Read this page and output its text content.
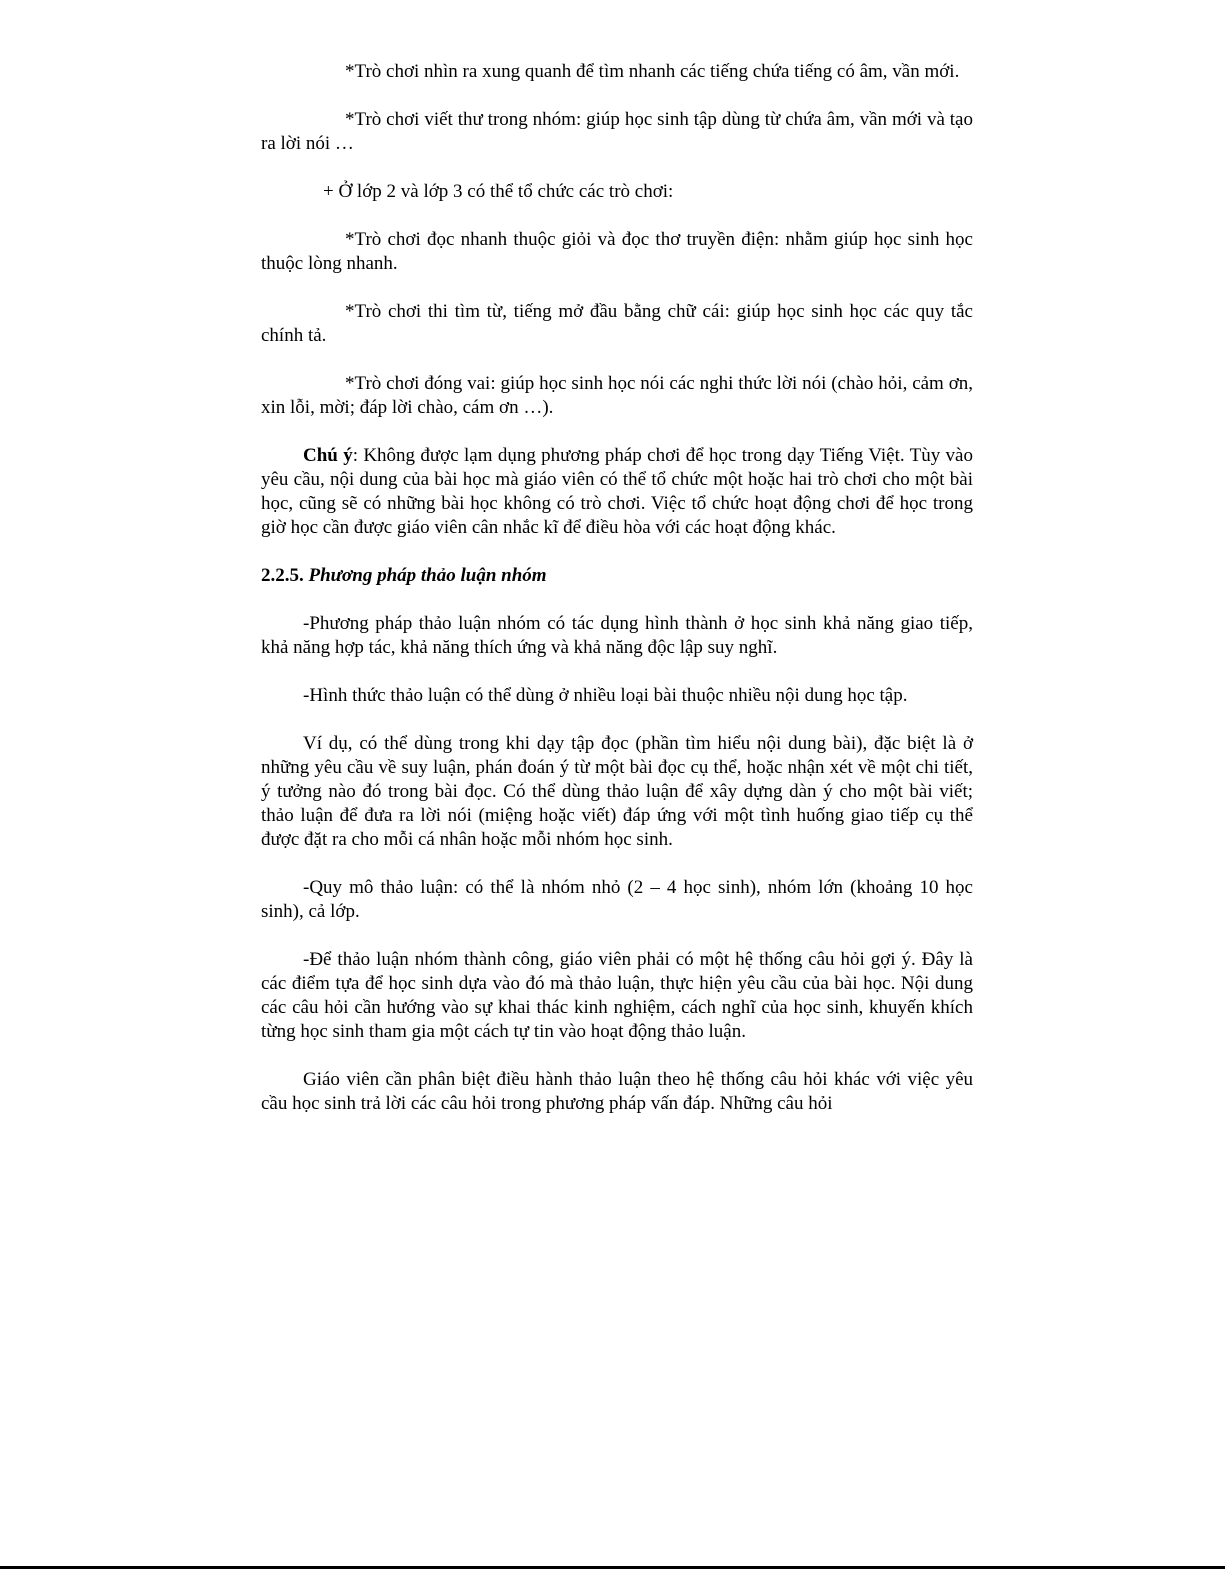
*Trò chơi nhìn ra xung quanh để tìm nhanh các tiếng chứa tiếng có âm, vần mới.

*Trò chơi viết thư trong nhóm: giúp học sinh tập dùng từ chứa âm, vần mới và tạo ra lời nói …

+ Ở lớp 2 và lớp 3 có thể tổ chức các trò chơi:

*Trò chơi đọc nhanh thuộc giỏi và đọc thơ truyền điện: nhằm giúp học sinh học thuộc lòng nhanh.

*Trò chơi thi tìm từ, tiếng mở đầu bằng chữ cái: giúp học sinh học các quy tắc chính tả.

*Trò chơi đóng vai: giúp học sinh học nói các nghi thức lời nói (chào hỏi, cảm ơn, xin lỗi, mời; đáp lời chào, cám ơn …).

Chú ý: Không được lạm dụng phương pháp chơi để học trong dạy Tiếng Việt. Tùy vào yêu cầu, nội dung của bài học mà giáo viên có thể tổ chức một hoặc hai trò chơi cho một bài học, cũng sẽ có những bài học không có trò chơi. Việc tổ chức hoạt động chơi để học trong giờ học cần được giáo viên cân nhắc kĩ để điều hòa với các hoạt động khác.

2.2.5. Phương pháp thảo luận nhóm

-Phương pháp thảo luận nhóm có tác dụng hình thành ở học sinh khả năng giao tiếp, khả năng hợp tác, khả năng thích ứng và khả năng độc lập suy nghĩ.

-Hình thức thảo luận có thể dùng ở nhiều loại bài thuộc nhiều nội dung học tập.

Ví dụ, có thể dùng trong khi dạy tập đọc (phần tìm hiểu nội dung bài), đặc biệt là ở những yêu cầu về suy luận, phán đoán ý từ một bài đọc cụ thể, hoặc nhận xét về một chi tiết, ý tưởng nào đó trong bài đọc. Có thể dùng thảo luận để xây dựng dàn ý cho một bài viết; thảo luận để đưa ra lời nói (miệng hoặc viết) đáp ứng với một tình huống giao tiếp cụ thể được đặt ra cho mỗi cá nhân hoặc mỗi nhóm học sinh.

-Quy mô thảo luận: có thể là nhóm nhỏ (2 – 4 học sinh), nhóm lớn (khoảng 10 học sinh), cả lớp.

-Để thảo luận nhóm thành công, giáo viên phải có một hệ thống câu hỏi gợi ý. Đây là các điểm tựa để học sinh dựa vào đó mà thảo luận, thực hiện yêu cầu của bài học. Nội dung các câu hỏi cần hướng vào sự khai thác kinh nghiệm, cách nghĩ của học sinh, khuyến khích từng học sinh tham gia một cách tự tin vào hoạt động thảo luận.

Giáo viên cần phân biệt điều hành thảo luận theo hệ thống câu hỏi khác với việc yêu cầu học sinh trả lời các câu hỏi trong phương pháp vấn đáp. Những câu hỏi
